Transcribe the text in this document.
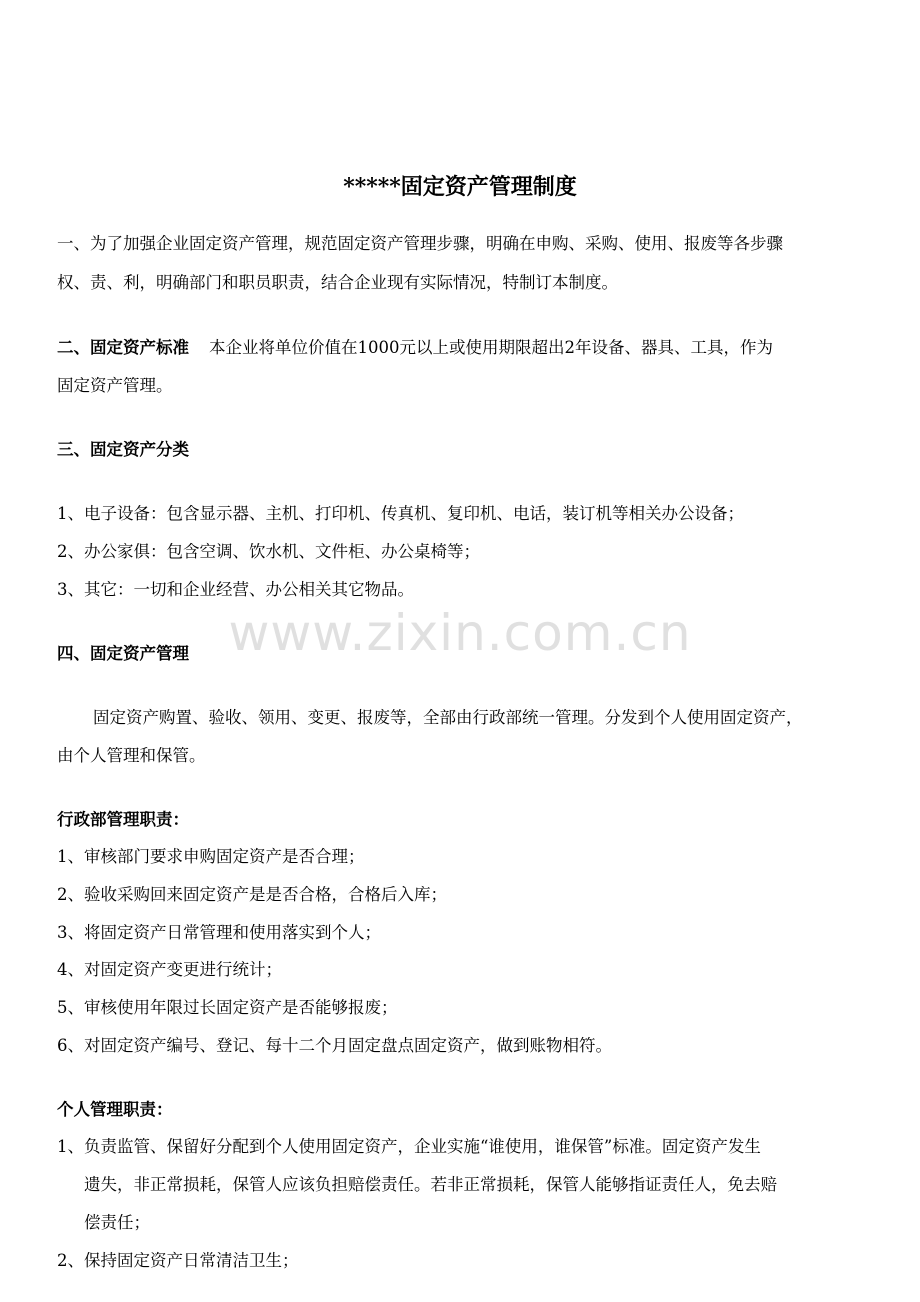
*****固定资产管理制度
www.zixin.com.cn
一、为了加强企业固定资产管理，规范固定资产管理步骤，明确在申购、采购、使用、报废等各步骤
权、责、利，明确部门和职员职责，结合企业现有实际情况，特制订本制度。
二、固定资产标准 本企业将单位价值在1000元以上或使用期限超出2年设备、器具、工具，作为
固定资产管理。
三、固定资产分类
1、电子设备：包含显示器、主机、打印机、传真机、复印机、电话，装订机等相关办公设备；
2、办公家俱：包含空调、饮水机、文件柜、办公桌椅等；
3、其它：一切和企业经营、办公相关其它物品。
四、固定资产管理
固定资产购置、验收、领用、变更、报废等，全部由行政部统一管理。分发到个人使用固定资产，
由个人管理和保管。
行政部管理职责：
1、审核部门要求申购固定资产是否合理；
2、验收采购回来固定资产是是否合格，合格后入库；
3、将固定资产日常管理和使用落实到个人；
4、对固定资产变更进行统计；
5、审核使用年限过长固定资产是否能够报废；
6、对固定资产编号、登记、每十二个月固定盘点固定资产，做到账物相符。
个人管理职责：
1、负责监管、保留好分配到个人使用固定资产，企业实施“谁使用，谁保管”标准。固定资产发生
遗失，非正常损耗，保管人应该负担赔偿责任。若非正常损耗，保管人能够指证责任人，免去赔
偿责任；
2、保持固定资产日常清洁卫生；
